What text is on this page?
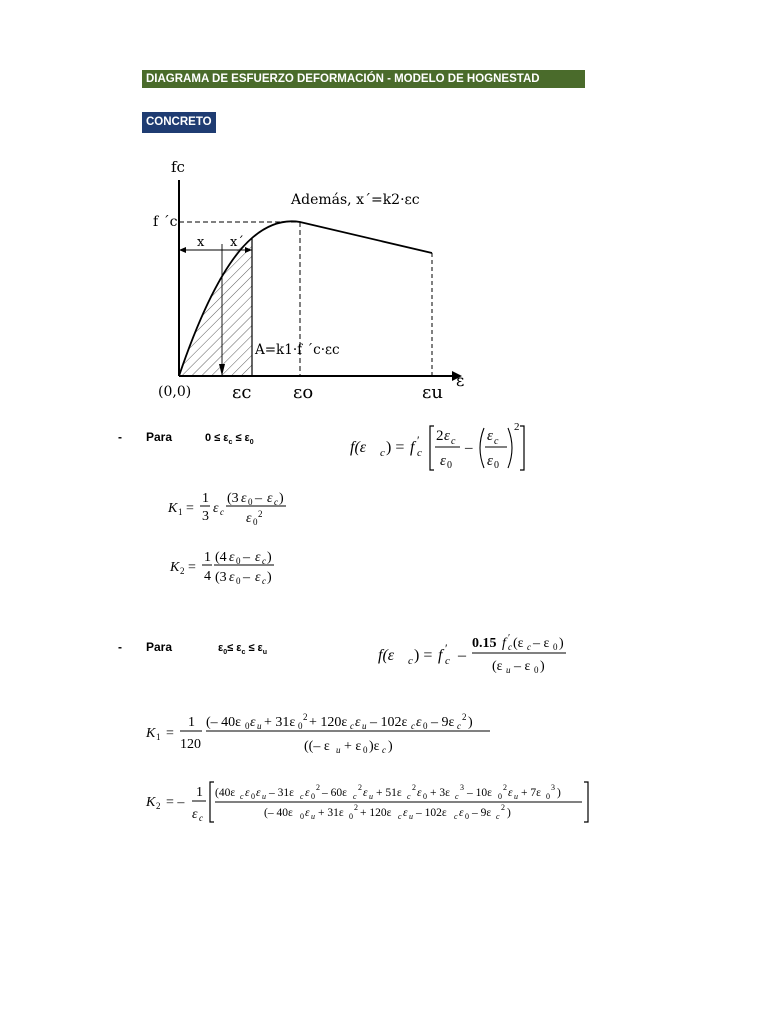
DIAGRAMA DE ESFUERZO DEFORMACIÓN - MODELO DE HOGNESTAD
CONCRETO
fc
ε
f ´c
Además, x´=k2·εc
A=k1·f ´c·εc
x x´
(0,0) εc εo	εu
- Para	$0 \le \varepsilon_c \le \varepsilon_0$	f(ε c ) = f c
′ 2 ε c
ε 0
–
ε c
ε 0
2
K 1 =
1
3
ε c
(3 ε 0 – ε c )
ε 0
2
K 2 =
1
4
(4 ε 0 – ε c )
(3 ε 0 – ε c )
- Para	$\varepsilon_0\le \varepsilon_c \le \varepsilon_u$	f(ε c ) = f c
′ –
0.15 f c
′ (ε c – ε 0 )
(ε u – ε 0 )
K 1 =
1
120
(– 40ε 0 ε u + 31ε 0
2 + 120ε c ε u – 102ε c ε 0 – 9ε c
2 )
((– ε u + ε 0 )ε c )
K 2 = –
1
ε c
(40ε c ε 0 ε u – 31ε c ε 0
2 – 60ε c
2 ε u + 51ε c
2 ε 0 + 3ε c
3 – 10ε 0
2 ε u + 7ε 0
3 )
(– 40ε 0 ε u + 31ε 0
2 + 120ε c ε u – 102ε c ε 0 – 9ε c
2 )
